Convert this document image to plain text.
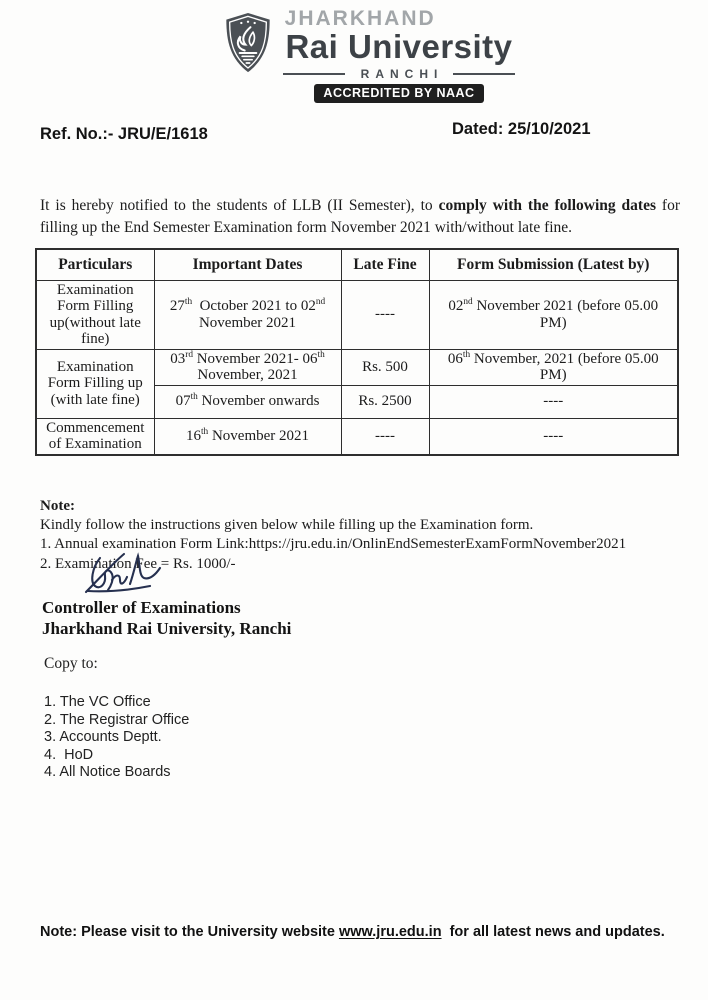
JHARKHAND
Rai University
RANCHI
ACCREDITED BY NAAC
Ref. No.:- JRU/E/1618	Dated: 25/10/2021

It is hereby notified to the students of LLB (II Semester), to comply with the following dates for filling up the End Semester Examination form November 2021 with/without late fine.

Particulars	Important Dates	Late Fine	Form Submission (Latest by)
Examination Form Filling up(without late fine)	27th  October 2021 to 02nd November 2021	----	02nd November 2021 (before 05.00 PM)
Examination Form Filling up (with late fine)	03rd November 2021- 06th November, 2021	Rs. 500	06th November, 2021 (before 05.00 PM)
	07th November onwards	Rs. 2500	----
Commencement of Examination	16th November 2021	----	----
Note:
Kindly follow the instructions given below while filling up the Examination form.
1. Annual examination Form Link:https://jru.edu.in/OnlinEndSemesterExamFormNovember2021
2. Examination Fee = Rs. 1000/-
Controller of Examinations
Jharkhand Rai University, Ranchi
Copy to:
1. The VC Office
2. The Registrar Office
3. Accounts Deptt.
4.  HoD
4. All Notice Boards
Note: Please visit to the University website www.jru.edu.in  for all latest news and updates.
